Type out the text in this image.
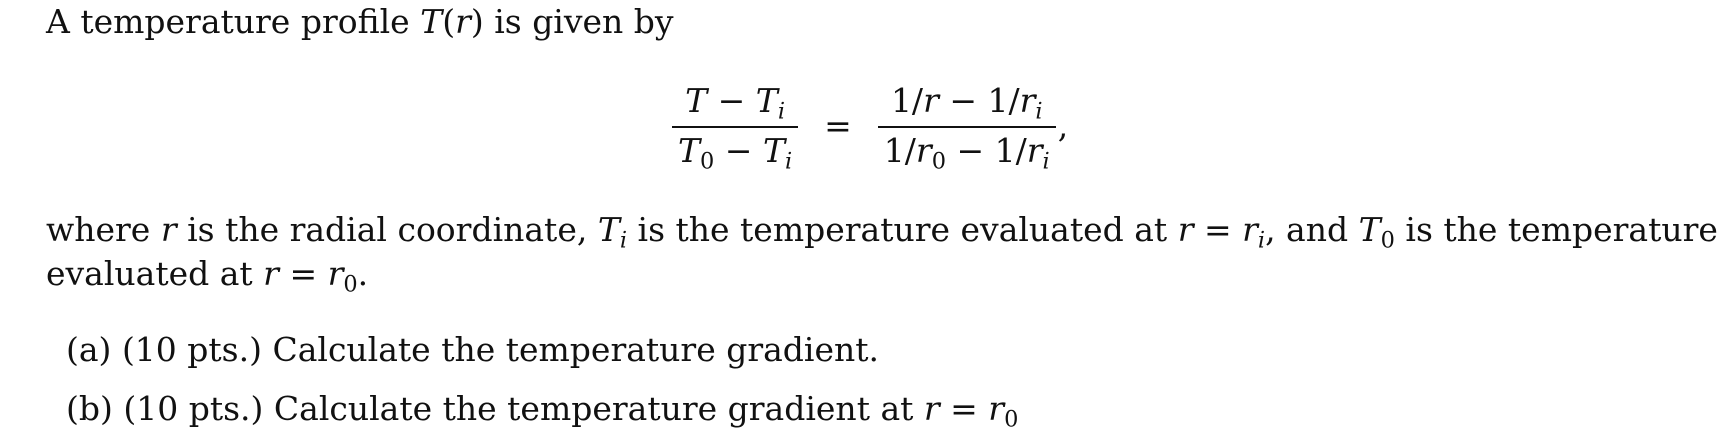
A temperature profile T(r) is given by
$\frac{T - T_i}{T_0 - T_i} = \frac{1/r - 1/r_i}{1/r_0 - 1/r_i}$ ,
where r is the radial coordinate, $T_i$ is the temperature evaluated at $r = r_i$, and $T_0$ is the temperature
evaluated at $r = r_0$.
(a) (10 pts.) Calculate the temperature gradient.
(b) (10 pts.) Calculate the temperature gradient at $r = r_0$
